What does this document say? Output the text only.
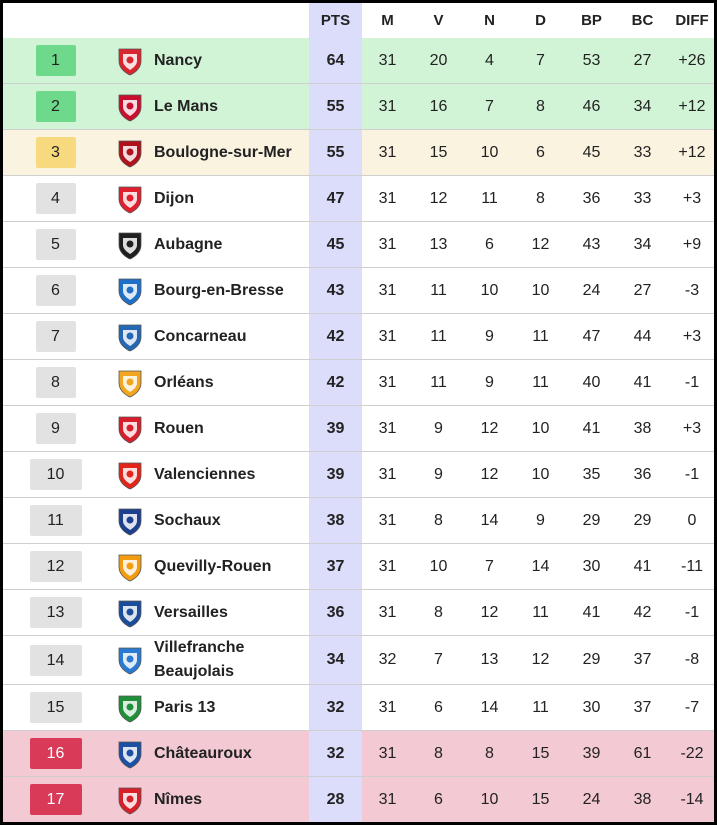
			PTS	M	V	N	D	BP	BC	DIFF
1		Nancy	64	31	20	4	7	53	27	+26
2		Le Mans	55	31	16	7	8	46	34	+12
3		Boulogne-sur-Mer	55	31	15	10	6	45	33	+12
4		Dijon	47	31	12	11	8	36	33	+3
5		Aubagne	45	31	13	6	12	43	34	+9
6		Bourg-en-Bresse	43	31	11	10	10	24	27	-3
7		Concarneau	42	31	11	9	11	47	44	+3
8		Orléans	42	31	11	9	11	40	41	-1
9		Rouen	39	31	9	12	10	41	38	+3
10		Valenciennes	39	31	9	12	10	35	36	-1
11		Sochaux	38	31	8	14	9	29	29	0
12		Quevilly-Rouen	37	31	10	7	14	30	41	-11
13		Versailles	36	31	8	12	11	41	42	-1
14		Villefranche Beaujolais	34	32	7	13	12	29	37	-8
15		Paris 13	32	31	6	14	11	30	37	-7
16		Châteauroux	32	31	8	8	15	39	61	-22
17		Nîmes	28	31	6	10	15	24	38	-14
